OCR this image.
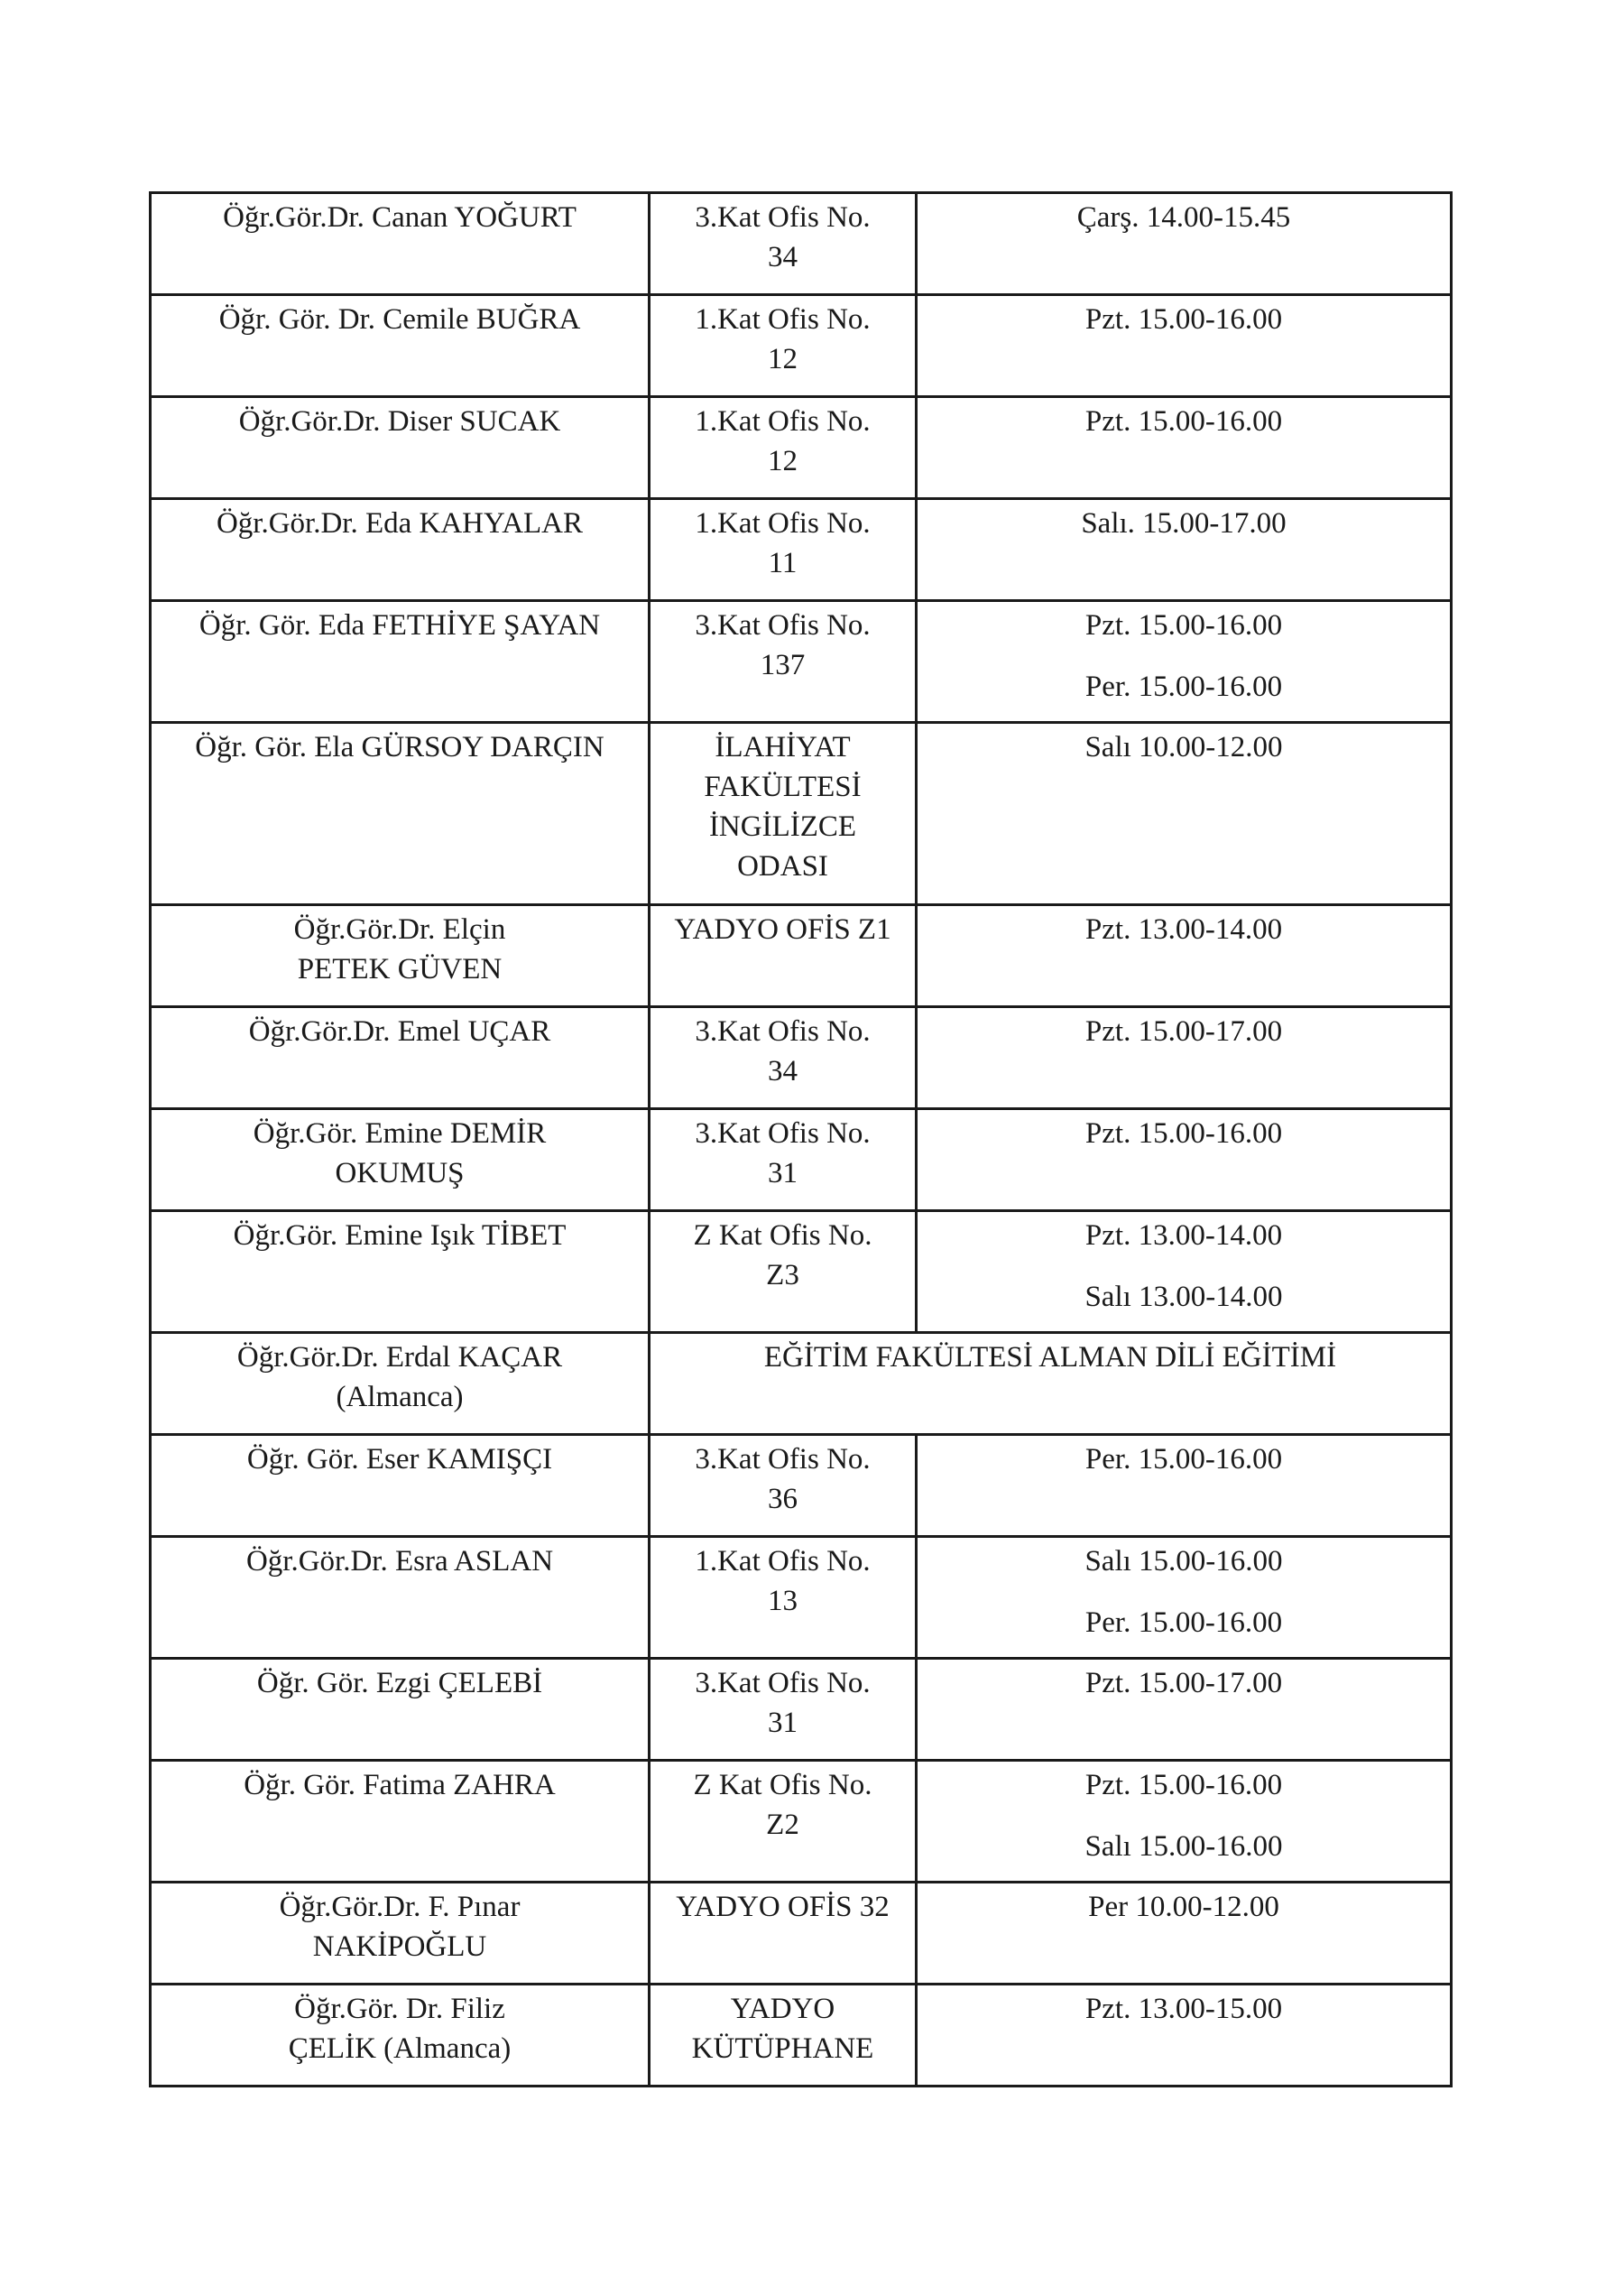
Öğr.Gör.Dr. Canan YOĞURT	3.Kat Ofis No.
34	Çarş. 14.00-15.45

Öğr. Gör. Dr. Cemile BUĞRA	1.Kat Ofis No.
12	Pzt. 15.00-16.00

Öğr.Gör.Dr. Diser SUCAK	1.Kat Ofis No.
12	Pzt. 15.00-16.00

Öğr.Gör.Dr. Eda KAHYALAR	1.Kat Ofis No.
11	Salı. 15.00-17.00

Öğr. Gör. Eda FETHİYE ŞAYAN	3.Kat Ofis No.
137	Pzt. 15.00-16.00
Per. 15.00-16.00

Öğr. Gör. Ela GÜRSOY DARÇIN	İLAHİYAT
FAKÜLTESİ
İNGİLİZCE
ODASI	Salı 10.00-12.00

Öğr.Gör.Dr. Elçin
PETEK GÜVEN	YADYO OFİS Z1	Pzt. 13.00-14.00

Öğr.Gör.Dr. Emel UÇAR	3.Kat Ofis No.
34	Pzt. 15.00-17.00

Öğr.Gör. Emine DEMİR
OKUMUŞ	3.Kat Ofis No.
31	Pzt. 15.00-16.00

Öğr.Gör. Emine Işık TİBET	Z Kat Ofis No.
Z3	Pzt. 13.00-14.00
Salı 13.00-14.00

Öğr.Gör.Dr. Erdal KAÇAR
(Almanca)	EĞİTİM FAKÜLTESİ ALMAN DİLİ EĞİTİMİ	

Öğr. Gör. Eser KAMIŞÇI	3.Kat Ofis No.
36	Per. 15.00-16.00

Öğr.Gör.Dr. Esra ASLAN	1.Kat Ofis No.
13	Salı 15.00-16.00
Per. 15.00-16.00

Öğr. Gör. Ezgi ÇELEBİ	3.Kat Ofis No.
31	Pzt. 15.00-17.00

Öğr. Gör. Fatima ZAHRA	Z Kat Ofis No.
Z2	Pzt. 15.00-16.00
Salı 15.00-16.00

Öğr.Gör.Dr. F. Pınar
NAKİPOĞLU	YADYO OFİS 32	Per 10.00-12.00

Öğr.Gör. Dr. Filiz
ÇELİK (Almanca)	YADYO
KÜTÜPHANE	Pzt. 13.00-15.00
